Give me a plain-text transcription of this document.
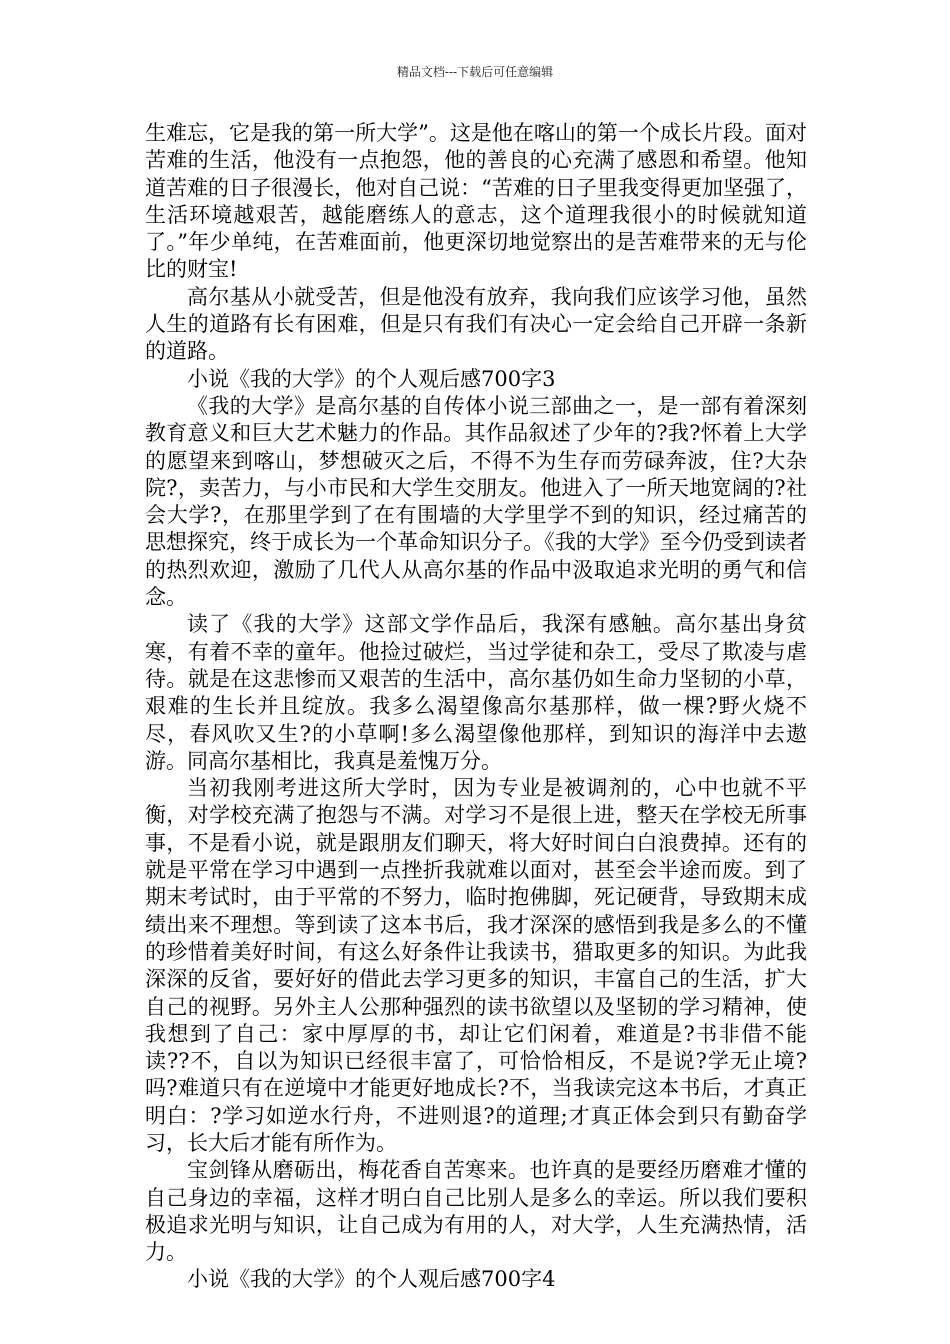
精品文档---下载后可任意编辑

生难忘，它是我的第一所大学”。这是他在喀山的第一个成长片段。面对苦难的生活，他没有一点抱怨，他的善良的心充满了感恩和希望。他知道苦难的日子很漫长，他对自己说：“苦难的日子里我变得更加坚强了，生活环境越艰苦，越能磨练人的意志，这个道理我很小的时候就知道了。”年少单纯，在苦难面前，他更深切地觉察出的是苦难带来的无与伦比的财宝!

高尔基从小就受苦，但是他没有放弃，我向我们应该学习他，虽然人生的道路有长有困难，但是只有我们有决心一定会给自己开辟一条新的道路。

小说《我的大学》的个人观后感700字3

《我的大学》是高尔基的自传体小说三部曲之一，是一部有着深刻教育意义和巨大艺术魅力的作品。其作品叙述了少年的?我?怀着上大学的愿望来到喀山，梦想破灭之后，不得不为生存而劳碌奔波，住?大杂院?，卖苦力，与小市民和大学生交朋友。他进入了一所天地宽阔的?社会大学?，在那里学到了在有围墙的大学里学不到的知识，经过痛苦的思想探究，终于成长为一个革命知识分子。《我的大学》至今仍受到读者的热烈欢迎，激励了几代人从高尔基的作品中汲取追求光明的勇气和信念。

读了《我的大学》这部文学作品后，我深有感触。高尔基出身贫寒，有着不幸的童年。他捡过破烂，当过学徒和杂工，受尽了欺凌与虐待。就是在这悲惨而又艰苦的生活中，高尔基仍如生命力坚韧的小草，艰难的生长并且绽放。我多么渴望像高尔基那样，做一棵?野火烧不尽，春风吹又生?的小草啊!多么渴望像他那样，到知识的海洋中去遨游。同高尔基相比，我真是羞愧万分。

当初我刚考进这所大学时，因为专业是被调剂的，心中也就不平衡，对学校充满了抱怨与不满。对学习不是很上进，整天在学校无所事事，不是看小说，就是跟朋友们聊天，将大好时间白白浪费掉。还有的就是平常在学习中遇到一点挫折我就难以面对，甚至会半途而废。到了期末考试时，由于平常的不努力，临时抱佛脚，死记硬背，导致期末成绩出来不理想。等到读了这本书后，我才深深的感悟到我是多么的不懂的珍惜着美好时间，有这么好条件让我读书，猎取更多的知识。为此我深深的反省，要好好的借此去学习更多的知识，丰富自己的生活，扩大自己的视野。另外主人公那种强烈的读书欲望以及坚韧的学习精神，使我想到了自己：家中厚厚的书，却让它们闲着，难道是?书非借不能读??不，自以为知识已经很丰富了，可恰恰相反，不是说?学无止境?吗?难道只有在逆境中才能更好地成长?不，当我读完这本书后，才真正明白：?学习如逆水行舟，不进则退?的道理;才真正体会到只有勤奋学习，长大后才能有所作为。

宝剑锋从磨砺出，梅花香自苦寒来。也许真的是要经历磨难才懂的自己身边的幸福，这样才明白自己比别人是多么的幸运。所以我们要积极追求光明与知识，让自己成为有用的人，对大学，人生充满热情，活力。

小说《我的大学》的个人观后感700字4
